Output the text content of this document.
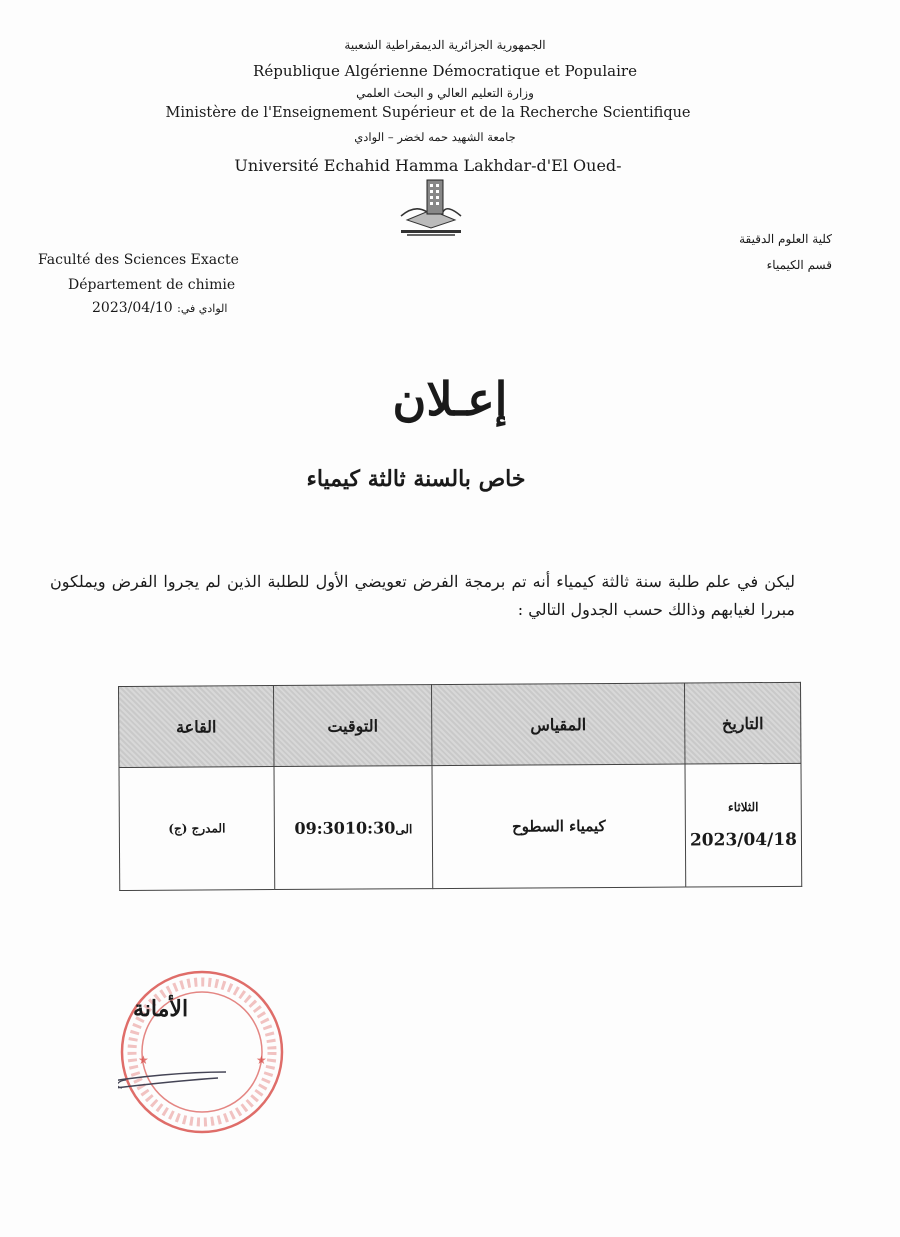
الجمهورية الجزائرية الديمقراطية الشعبية
République Algérienne Démocratique et Populaire
وزارة التعليم العالي و البحث العلمي
Ministère de l'Enseignement Supérieur et de la Recherche Scientifique
جامعة الشهيد حمه لخضر – الوادي
Université Echahid Hamma Lakhdar-d'El Oued-
Faculté des Sciences Exacte
Département de chimie
الوادي في: 2023/04/10
كلية العلوم الدقيقة
قسم الكيمياء
إعـلان
خاص بالسنة ثالثة كيمياء
ليكن في علم طلبة سنة ثالثة كيمياء أنه تم برمجة الفرض تعويضي الأول للطلبة الذين لم يجروا الفرض ويملكون مبررا لغيابهم وذالك حسب الجدول التالي :
التاريخ	المقياس	التوقيت	القاعة

الثلاثاء
2023/04/18	كيمياء السطوح	09:30 الى10:30	المدرج (ج)
★	★
الأمانة
